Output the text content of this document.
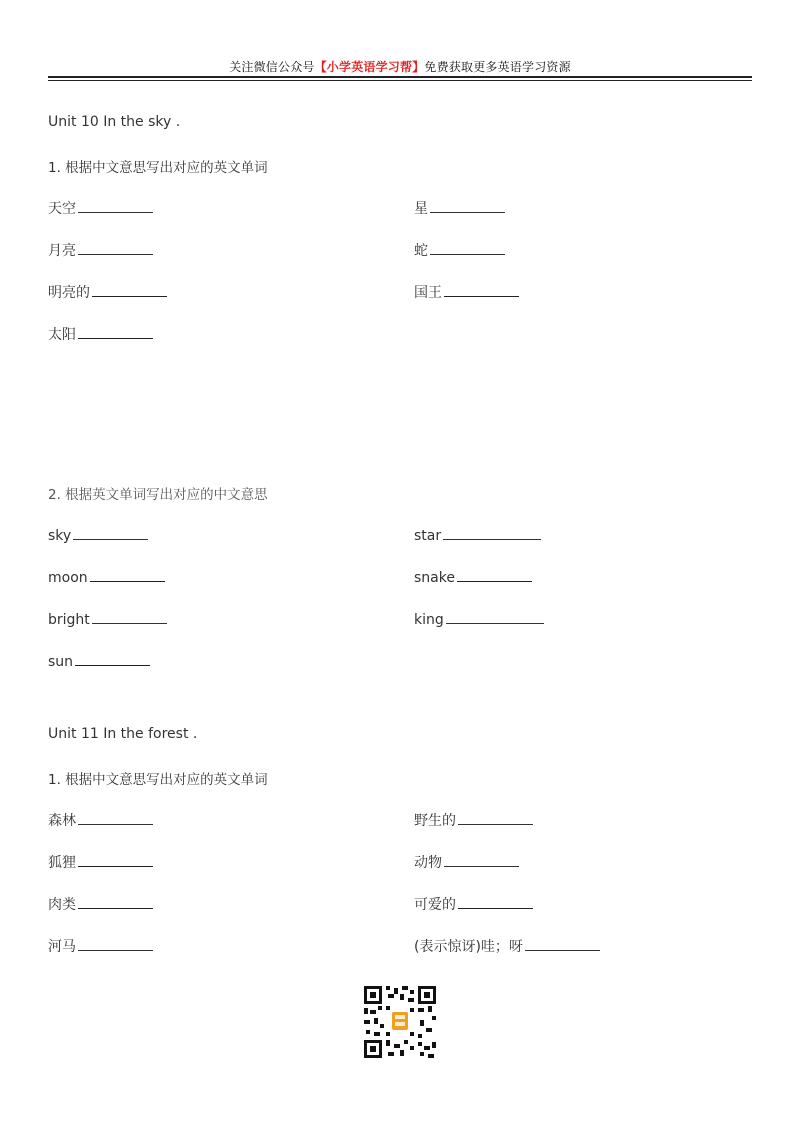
关注微信公众号【小学英语学习帮】免费获取更多英语学习资源
Unit 10 In the sky .
1. 根据中文意思写出对应的英文单词
天空
月亮
明亮的
太阳
星
蛇
国王
2. 根据英文单词写出对应的中文意思
sky
moon
bright
sun
star
snake
king
Unit 11 In the forest .
1. 根据中文意思写出对应的英文单词
森林
狐狸
肉类
河马
野生的
动物
可爱的
(表示惊讶)哇；呀
